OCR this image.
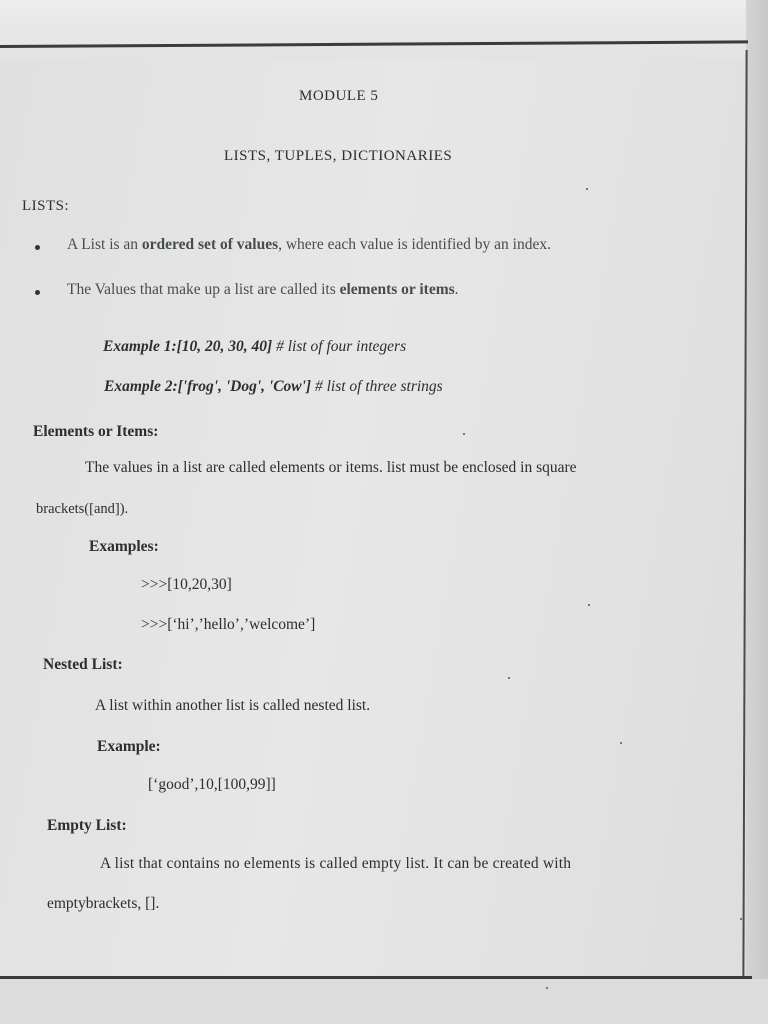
MODULE 5
LISTS, TUPLES, DICTIONARIES
LISTS:
A List is an ordered set of values, where each value is identified by an index.
The Values that make up a list are called its elements or items.
Example 1:[10, 20, 30, 40] # list of four integers
Example 2:['frog', 'Dog', 'Cow'] # list of three strings
Elements or Items:
The values in a list are called elements or items. list must be enclosed in square
brackets([and]).
Examples:
>>>[10,20,30]
>>>[‘hi’,’hello’,’welcome’]
Nested List:
A list within another list is called nested list.
Example:
[‘good’,10,[100,99]]
Empty List:
A list that contains no elements is called empty list. It can be created with
emptybrackets, [].
